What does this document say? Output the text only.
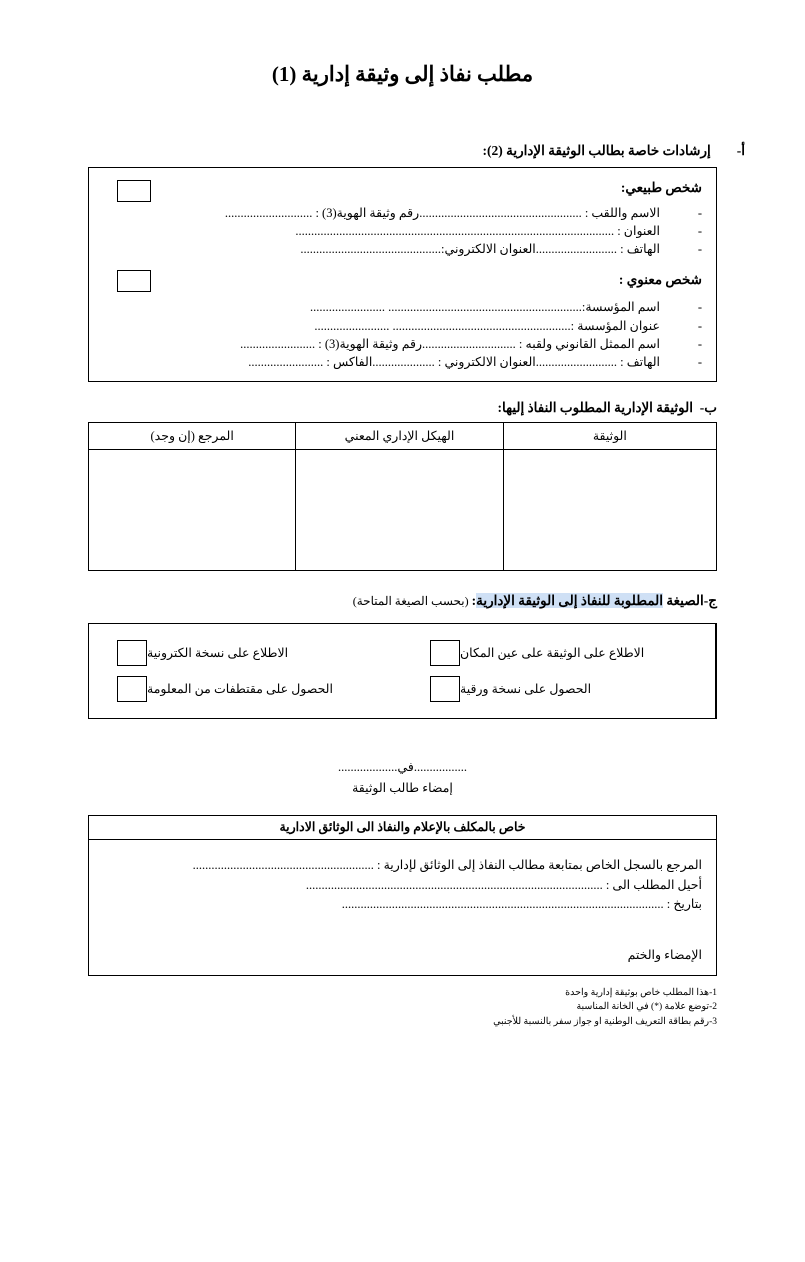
مطلب نفاذ إلى وثيقة إدارية (1)
أ-إرشادات خاصة بطالب الوثيقة الإدارية (2):
شخص طبيعي:
-الاسم واللقب : ....................................................رقم وثيقة الهوية(3) : ............................
-العنوان : ......................................................................................................
-الهاتف : ..........................العنوان الالكتروني:.............................................
شخص معنوي :
-اسم المؤسسة:.............................................................. ........................
-عنوان المؤسسة :......................................................... ........................
-اسم الممثل القانوني ولقبه : ..............................رقم وثيقة الهوية(3) : ........................
-الهاتف : ..........................العنوان الالكتروني : ....................الفاكس : ........................
ب-  الوثيقة الإدارية المطلوب النفاذ إليها:
الوثيقة	الهيكل الإداري المعني	المرجع (إن وجد)

ج-الصيغة المطلوبة للنفاذ إلى الوثيقة الإدارية: (بحسب الصيغة المتاحة)
الاطلاع على الوثيقة على عين المكان
الحصول على نسخة ورقية
الاطلاع على نسخة الكترونية
الحصول على مقتطفات من المعلومة
.................في...................
إمضاء طالب الوثيقة
خاص بالمكلف بالإعلام والنفاذ الى الوثائق الادارية
المرجع بالسجل الخاص بمتابعة مطالب النفاذ إلى الوثائق لإدارية : ..........................................................
أحيل المطلب الى : ...............................................................................................
بتاريخ : .......................................................................................................
الإمضاء والختم
1-هذا المطلب خاص بوثيقة إدارية واحدة
2-توضع علامة (*) في الخانة المناسبة
3-رقم بطاقة التعريف الوطنية او جواز سفر بالنسبة للأجنبي
